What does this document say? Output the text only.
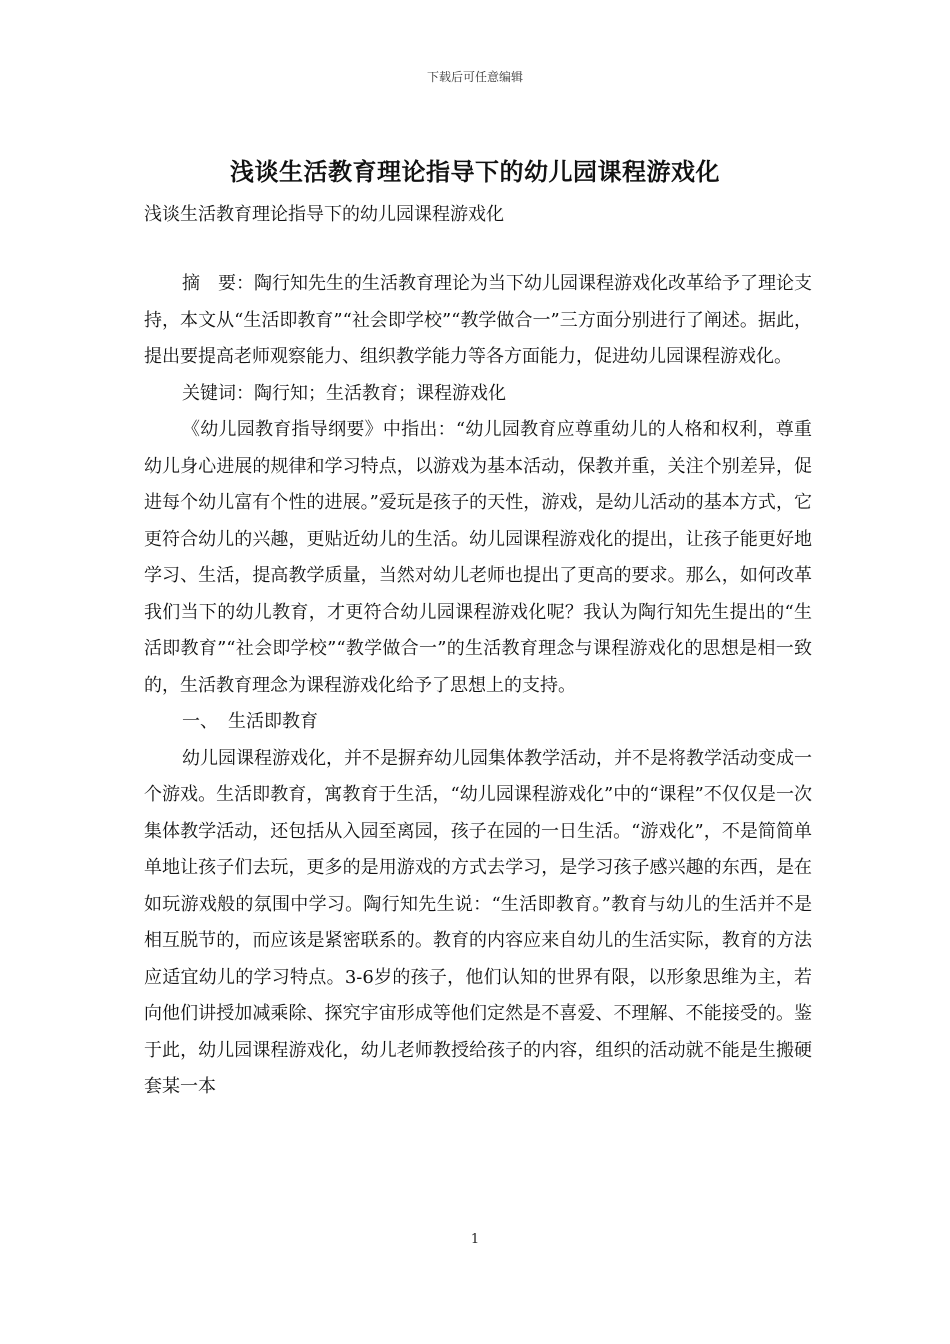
下载后可任意编辑
浅谈生活教育理论指导下的幼儿园课程游戏化
浅谈生活教育理论指导下的幼儿园课程游戏化

摘　要：陶行知先生的生活教育理论为当下幼儿园课程游戏化改革给予了理论支持，本文从“生活即教育”“社会即学校”“教学做合一”三方面分别进行了阐述。据此，提出要提高老师观察能力、组织教学能力等各方面能力，促进幼儿园课程游戏化。

关键词：陶行知；生活教育；课程游戏化

《幼儿园教育指导纲要》中指出：“幼儿园教育应尊重幼儿的人格和权利，尊重幼儿身心进展的规律和学习特点，以游戏为基本活动，保教并重，关注个别差异，促进每个幼儿富有个性的进展。”爱玩是孩子的天性，游戏，是幼儿活动的基本方式，它更符合幼儿的兴趣，更贴近幼儿的生活。幼儿园课程游戏化的提出，让孩子能更好地学习、生活，提高教学质量，当然对幼儿老师也提出了更高的要求。那么，如何改革我们当下的幼儿教育，才更符合幼儿园课程游戏化呢？我认为陶行知先生提出的“生活即教育”“社会即学校”“教学做合一”的生活教育理念与课程游戏化的思想是相一致的，生活教育理念为课程游戏化给予了思想上的支持。

一、 生活即教育

幼儿园课程游戏化，并不是摒弃幼儿园集体教学活动，并不是将教学活动变成一个游戏。生活即教育，寓教育于生活，“幼儿园课程游戏化”中的“课程”不仅仅是一次集体教学活动，还包括从入园至离园，孩子在园的一日生活。“游戏化”，不是简简单单地让孩子们去玩，更多的是用游戏的方式去学习，是学习孩子感兴趣的东西，是在如玩游戏般的氛围中学习。陶行知先生说：“生活即教育。”教育与幼儿的生活并不是相互脱节的，而应该是紧密联系的。教育的内容应来自幼儿的生活实际，教育的方法应适宜幼儿的学习特点。3-6岁的孩子，他们认知的世界有限，以形象思维为主，若向他们讲授加减乘除、探究宇宙形成等他们定然是不喜爱、不理解、不能接受的。鉴于此，幼儿园课程游戏化，幼儿老师教授给孩子的内容，组织的活动就不能是生搬硬套某一本

1
